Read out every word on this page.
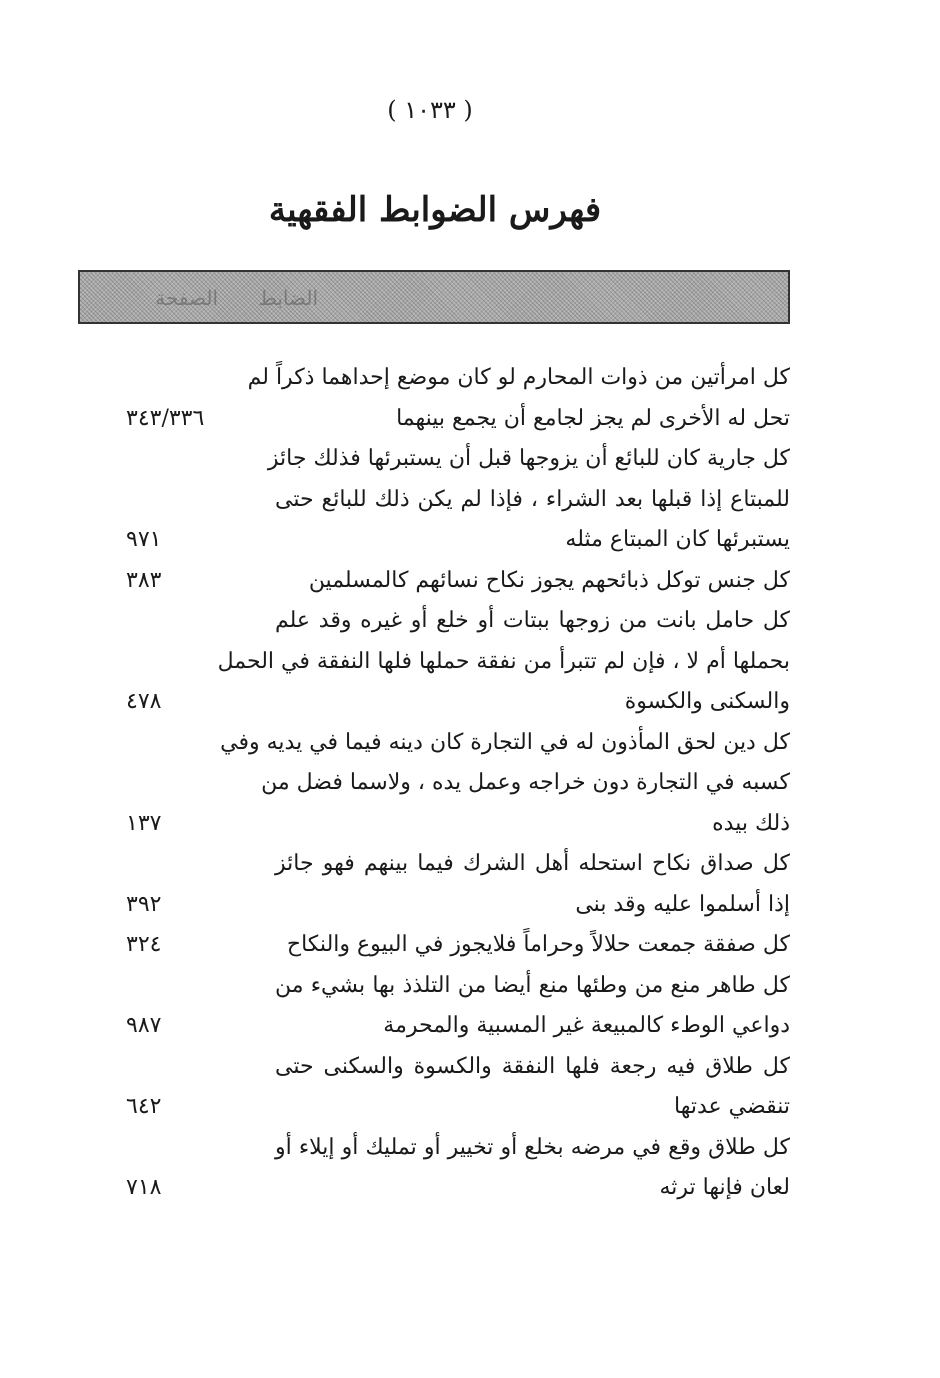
( ١٠٣٣ )
فهرس الضوابط الفقهية
الضابط
الصفحة
كل امرأتين من ذوات المحارم لو كان موضع إحداهما ذكراً لم
تحل له الأخرى لم يجز لجامع أن يجمع بينهما
٣٤٣/٣٣٦
كل جارية كان للبائع أن يزوجها قبل أن يستبرئها فذلك جائز
للمبتاع إذا قبلها بعد الشراء ، فإذا لم يكن ذلك للبائع حتى
يستبرئها كان المبتاع مثله
٩٧١
كل جنس توكل ذبائحهم يجوز نكاح نسائهم كالمسلمين
٣٨٣
كل حامل بانت من زوجها ببتات أو خلع أو غيره وقد علم
بحملها أم لا ، فإن لم تتبرأ من نفقة حملها فلها النفقة في الحمل
والسكنى والكسوة
٤٧٨
كل دين لحق المأذون له في التجارة كان دينه فيما في يديه وفي
كسبه في التجارة دون خراجه وعمل يده ، ولاسما فضل من
ذلك بيده
١٣٧
كل صداق نكاح استحله أهل الشرك فيما بينهم فهو جائز
إذا أسلموا عليه وقد بنى
٣٩٢
كل صفقة جمعت حلالاً وحراماً فلايجوز في البيوع والنكاح
٣٢٤
كل طاهر منع من وطئها منع أيضا من التلذذ بها بشيء من
دواعي الوطء كالمبيعة غير المسبية والمحرمة
٩٨٧
كل طلاق فيه رجعة فلها النفقة والكسوة والسكنى حتى
تنقضي عدتها
٦٤٢
كل طلاق وقع في مرضه بخلع أو تخيير أو تمليك أو إيلاء أو
لعان فإنها ترثه
٧١٨
